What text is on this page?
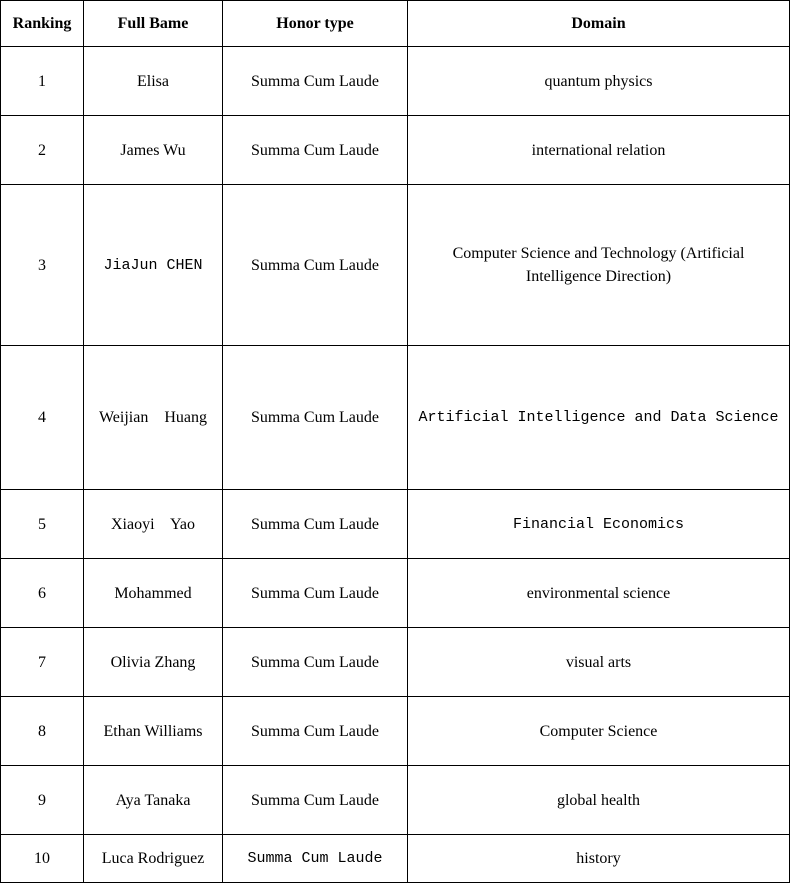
Ranking	Full Bame	Honor type	Domain
1	Elisa	Summa Cum Laude	quantum physics
2	James Wu	Summa Cum Laude	international relation
3	JiaJun CHEN	Summa Cum Laude	Computer Science and Technology (Artificial Intelligence Direction)
4	Weijian Huang	Summa Cum Laude	Artificial Intelligence and Data Science
5	Xiaoyi Yao	Summa Cum Laude	Financial Economics
6	Mohammed	Summa Cum Laude	environmental science
7	Olivia Zhang	Summa Cum Laude	visual arts
8	Ethan Williams	Summa Cum Laude	Computer Science
9	Aya Tanaka	Summa Cum Laude	global health
10	Luca Rodriguez	Summa Cum Laude	history
